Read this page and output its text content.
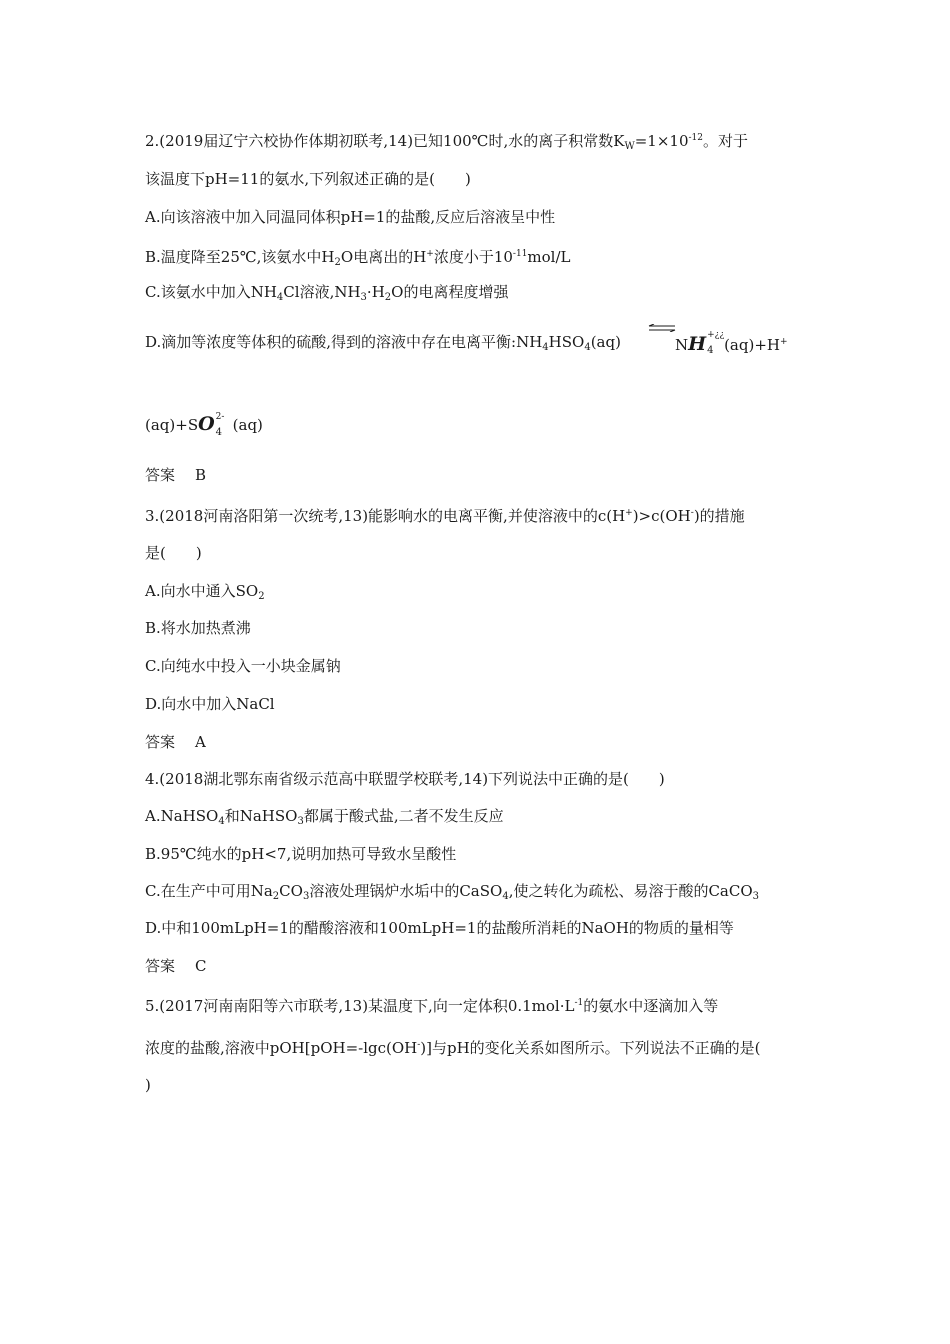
2.(2019届辽宁六校协作体期初联考,14)已知100℃时,水的离子积常数$K_W=1\times 10^{-12}$。对于
该温度下pH=11的氨水,下列叙述正确的是(　　)
A.向该溶液中加入同温同体积pH=1的盐酸,反应后溶液呈中性
B.温度降至25℃,该氨水中$H_2O$电离出的H+浓度小于$10^{-11}mol/L$
C.该氨水中加入$NH_4Cl$溶液$,NH_3\cdot H_2O$的电离程度增强
D.滴加等浓度等体积的硫酸,得到的溶液中存在电离平衡$:NH_4HSO_4(aq)$	NH +¿¿
4 (aq)+H+
(aq)+SO 2-
4 (aq)
答案 B
3.(2018河南洛阳第一次统考,13)能影响水的电离平衡,并使溶液中的c(H+)>c(OH-)的措施
是(　　)
A.向水中通入$SO_2$
B.将水加热煮沸
C.向纯水中投入一小块金属钠
D.向水中加入NaCl
答案 A
4.(2018湖北鄂东南省级示范高中联盟学校联考,14)下列说法中正确的是(　　)
A.NaHSO$_4$和NaHSO$_3$都属于酸式盐,二者不发生反应
B.95℃纯水的pH<7,说明加热可导致水呈酸性
C.在生产中可用$Na_2CO_3$溶液处理锅炉水垢中的CaSO$_4$,使之转化为疏松、易溶于酸的CaCO$_3$
D.中和100mLpH=1的醋酸溶液和100mLpH=1的盐酸所消耗的NaOH的物质的量相等
答案 C
5.(2017河南南阳等六市联考,13)某温度下,向一定体积$0.1mol\cdot L^{-1}$的氨水中逐滴加入等
浓度的盐酸,溶液中pOH[pOH=-lgc(OH-)]与pH的变化关系如图所示。下列说法不正确的是(
)
